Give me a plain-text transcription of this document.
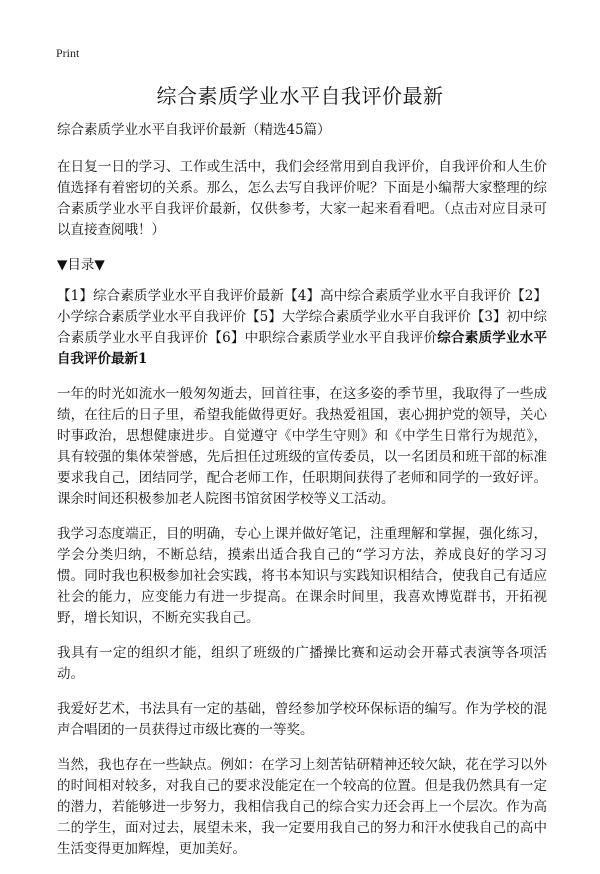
Print
综合素质学业水平自我评价最新

综合素质学业水平自我评价最新（精选45篇）

在日复一日的学习、工作或生活中，我们会经常用到自我评价，自我评价和人生价值选择有着密切的关系。那么，怎么去写自我评价呢？下面是小编帮大家整理的综合素质学业水平自我评价最新，仅供参考，大家一起来看看吧。（点击对应目录可以直接查阅哦！）

▼目录▼

【1】综合素质学业水平自我评价最新【4】高中综合素质学业水平自我评价【2】小学综合素质学业水平自我评价【5】大学综合素质学业水平自我评价【3】初中综合素质学业水平自我评价【6】中职综合素质学业水平自我评价综合素质学业水平自我评价最新1

一年的时光如流水一般匆匆逝去，回首往事，在这多姿的季节里，我取得了一些成绩，在往后的日子里，希望我能做得更好。我热爱祖国，衷心拥护党的领导，关心时事政治，思想健康进步。自觉遵守《中学生守则》和《中学生日常行为规范》，具有较强的集体荣誉感，先后担任过班级的宣传委员，以一名团员和班干部的标准要求我自己，团结同学，配合老师工作，任职期间获得了老师和同学的一致好评。课余时间还积极参加老人院图书馆贫困学校等义工活动。

我学习态度端正，目的明确，专心上课并做好笔记，注重理解和掌握，强化练习，学会分类归纳，不断总结，摸索出适合我自己的“学习方法，养成良好的学习习惯。同时我也积极参加社会实践，将书本知识与实践知识相结合，使我自己有适应社会的能力，应变能力有进一步提高。在课余时间里，我喜欢博览群书，开拓视野，增长知识，不断充实我自己。

我具有一定的组织才能，组织了班级的广播操比赛和运动会开幕式表演等各项活动。

我爱好艺术，书法具有一定的基础，曾经参加学校环保标语的编写。作为学校的混声合唱团的一员获得过市级比赛的一等奖。

当然，我也存在一些缺点。例如：在学习上刻苦钻研精神还较欠缺，花在学习以外的时间相对较多，对我自己的要求没能定在一个较高的位置。但是我仍然具有一定的潜力，若能够进一步努力，我相信我自己的综合实力还会再上一个层次。作为高二的学生，面对过去，展望未来，我一定要用我自己的努力和汗水使我自己的高中生活变得更加辉煌，更加美好。
